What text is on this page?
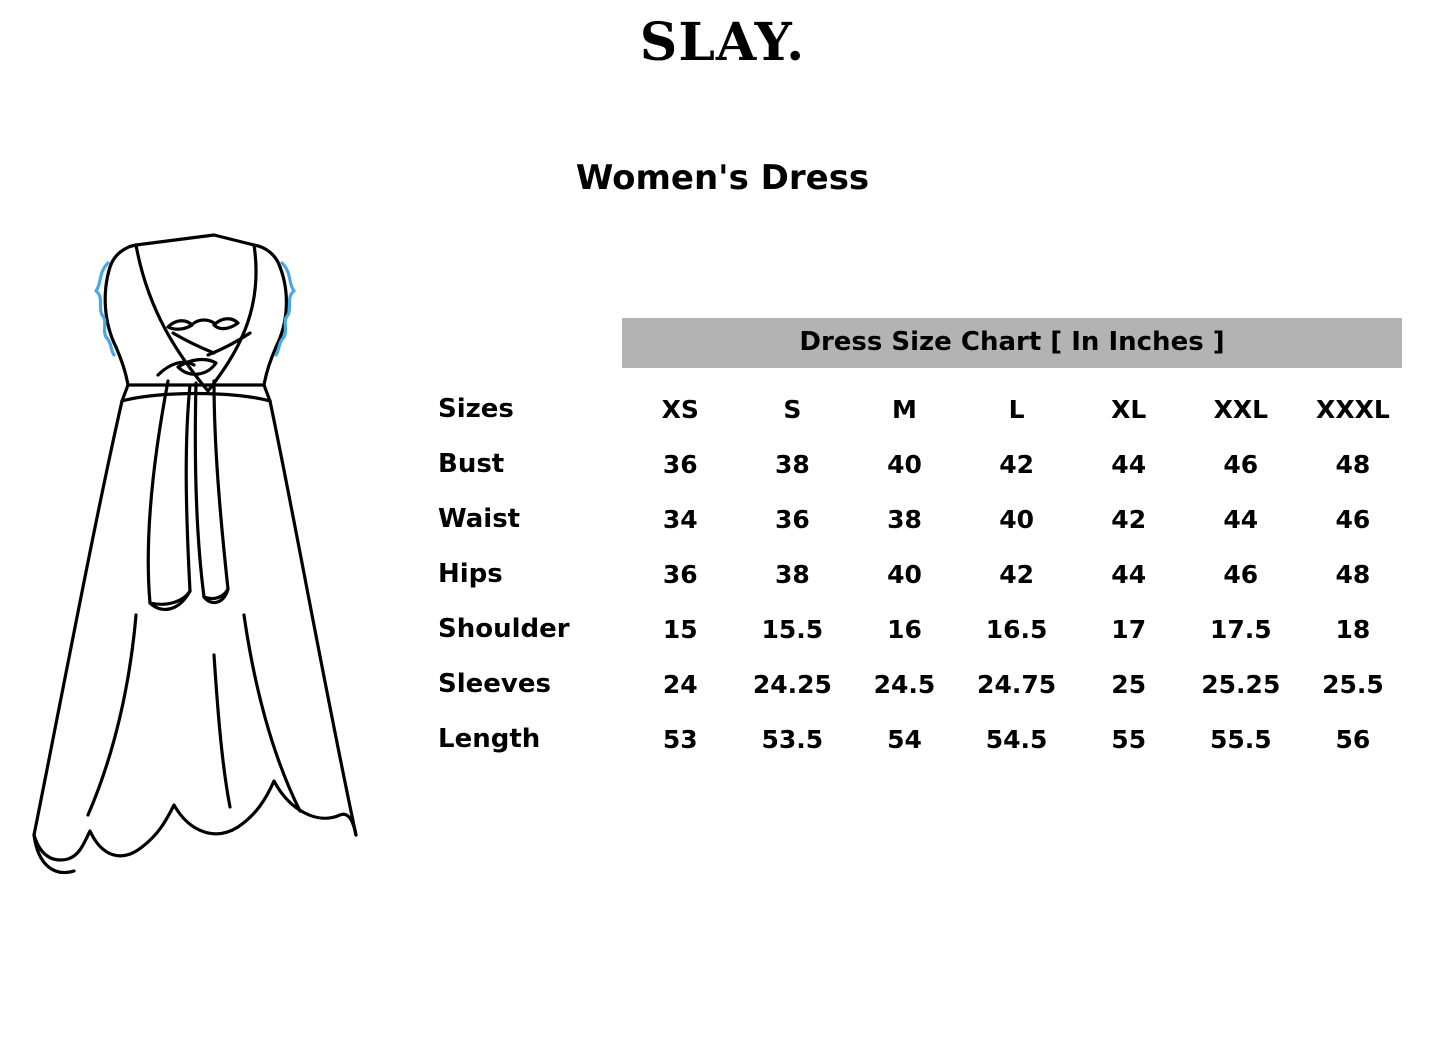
SLAY.
Women's Dress
Dress Size Chart [ In Inches ]
Sizes	XS	S	M	L	XL	XXL	XXXL
Bust	36	38	40	42	44	46	48
Waist	34	36	38	40	42	44	46
Hips	36	38	40	42	44	46	48
Shoulder	15	15.5	16	16.5	17	17.5	18
Sleeves	24	24.25	24.5	24.75	25	25.25	25.5
Length	53	53.5	54	54.5	55	55.5	56
